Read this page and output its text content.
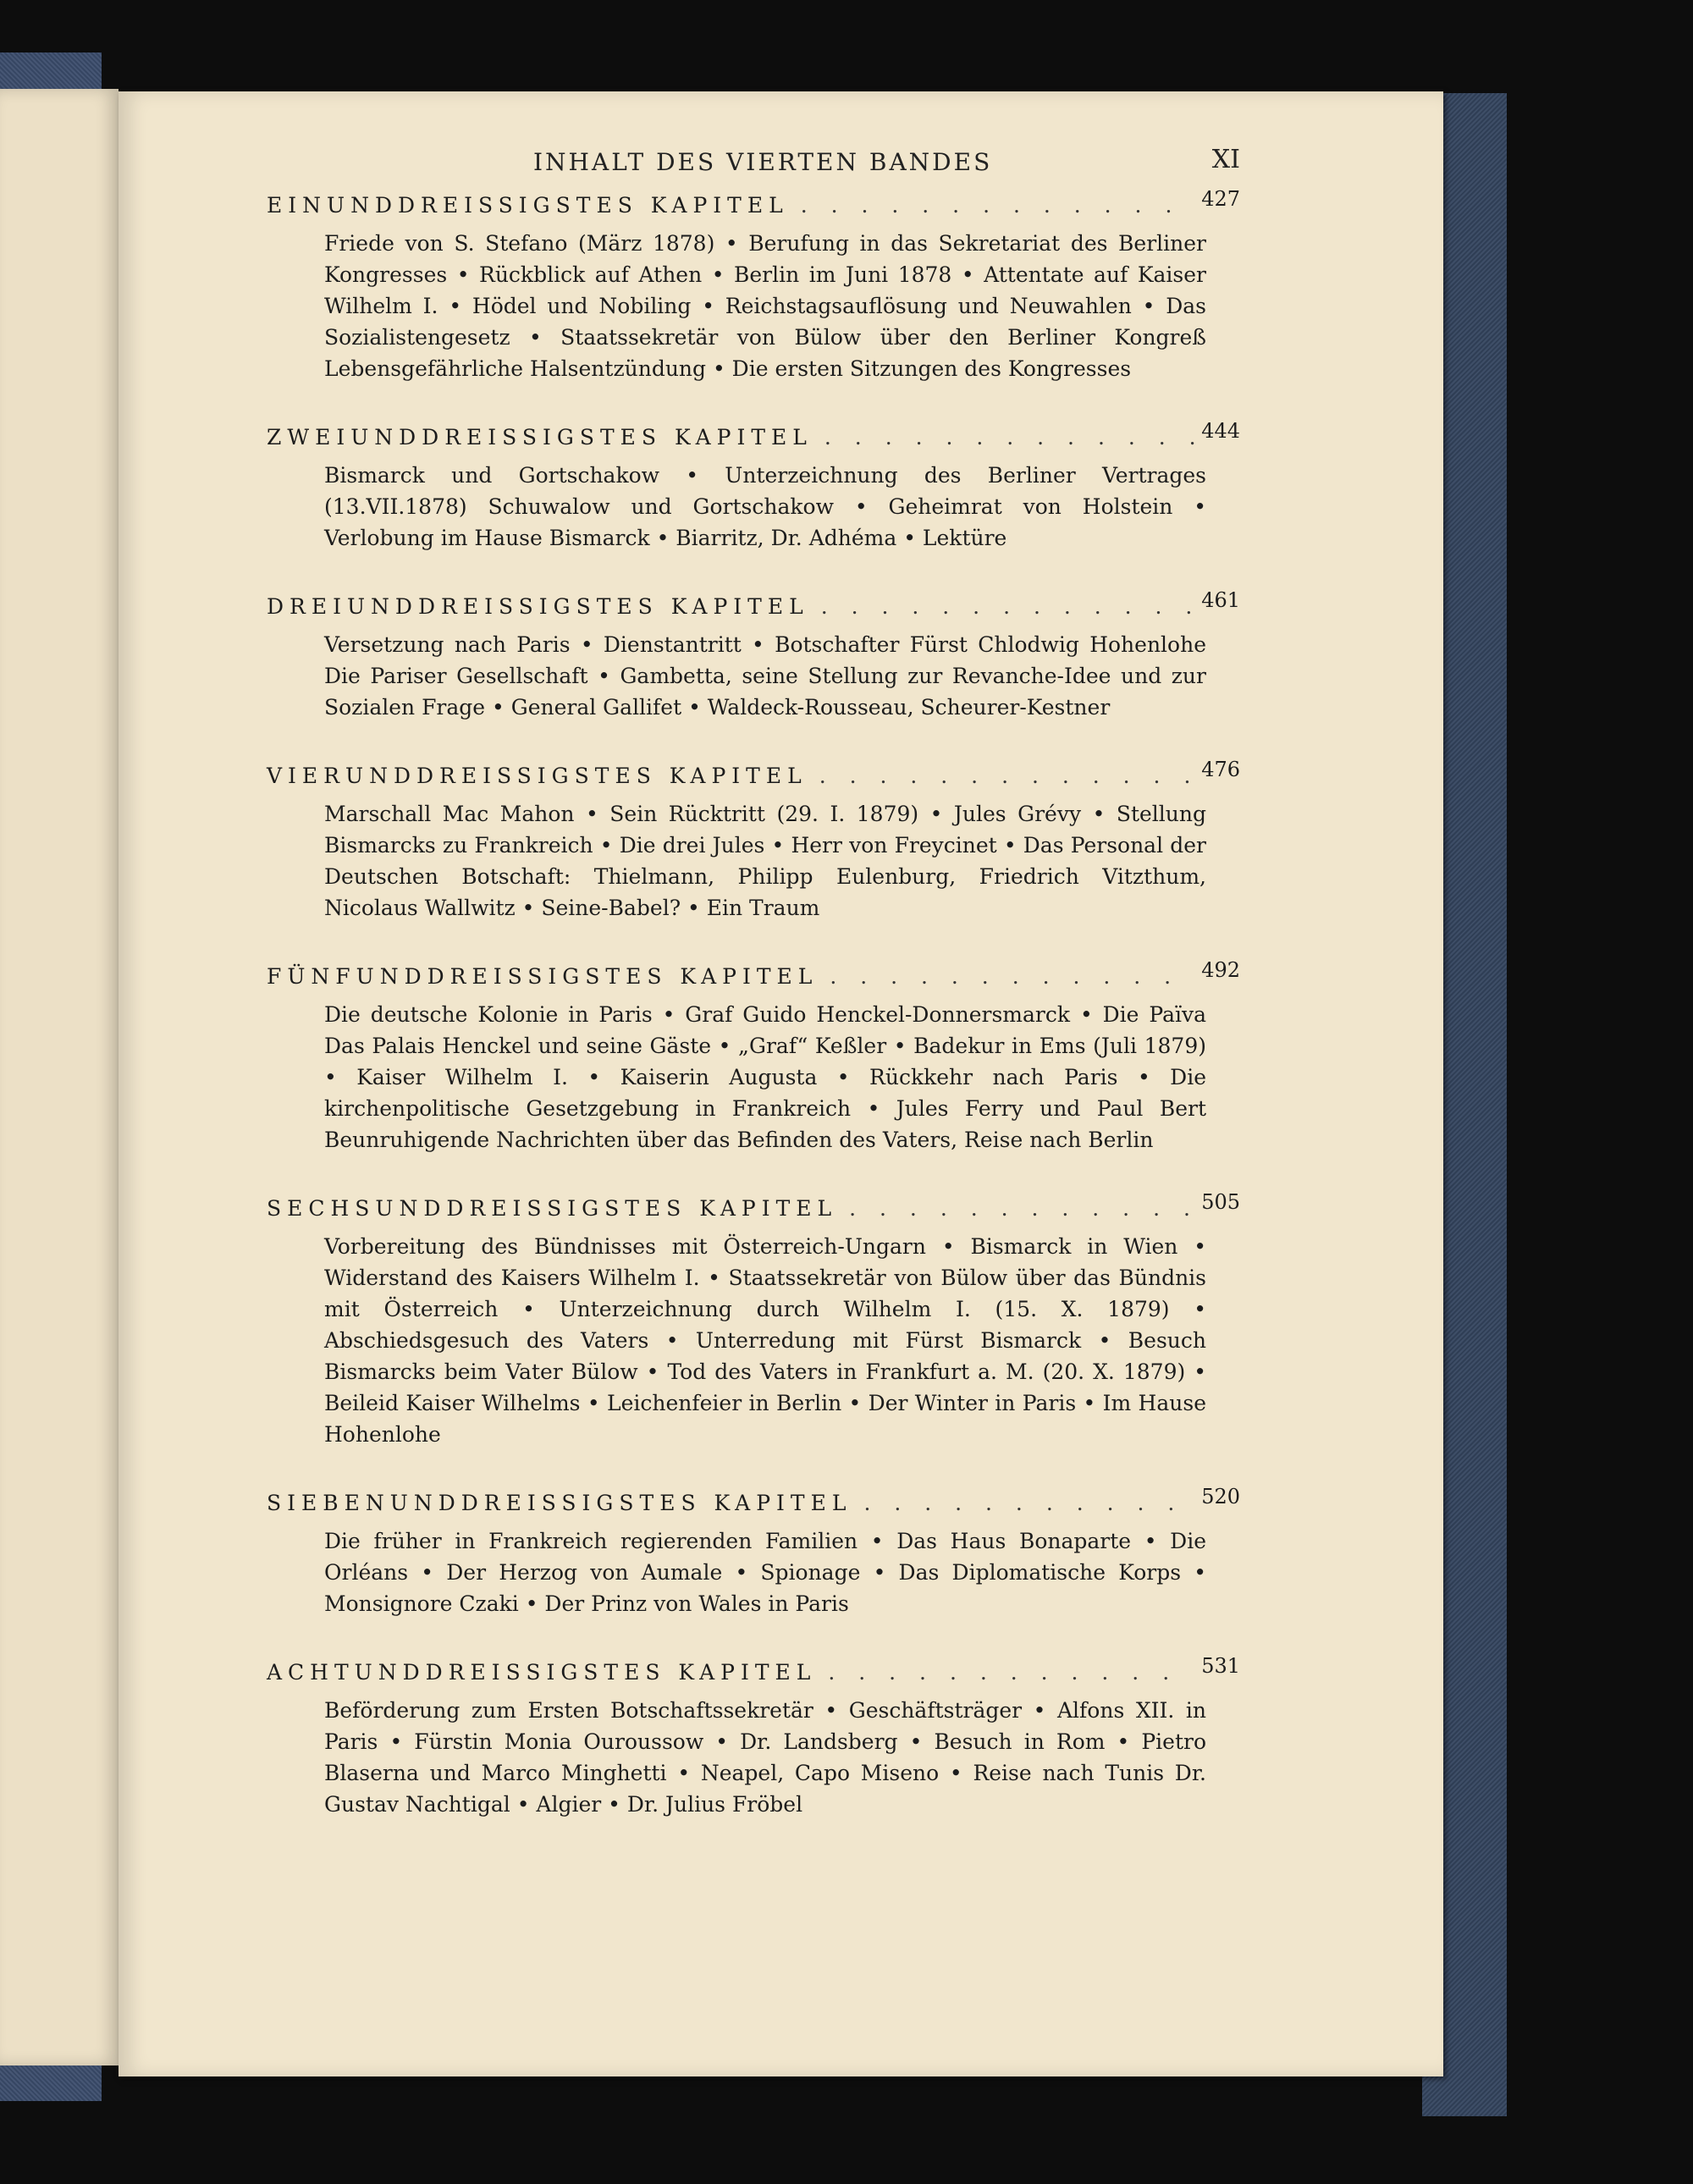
INHALT DES VIERTEN BANDES	XI
EINUNDDREISSIGSTES KAPITEL . . .	427
Friede von S. Stefano (März 1878) • Berufung in das Sekretariat des Berliner Kongresses • Rückblick auf Athen • Berlin im Juni 1878 • Attentate auf Kaiser Wilhelm I. • Hödel und Nobiling • Reichstagsauflösung und Neuwahlen • Das Sozialistengesetz • Staatssekretär von Bülow über den Berliner Kongreß Lebensgefährliche Halsentzündung • Die ersten Sitzungen des Kongresses
ZWEIUNDDREISSIGSTES KAPITEL . . .	444
Bismarck und Gortschakow • Unterzeichnung des Berliner Vertrages (13.VII.1878) Schuwalow und Gortschakow • Geheimrat von Holstein • Verlobung im Hause Bismarck • Biarritz, Dr. Adhéma • Lektüre
DREIUNDDREISSIGSTES KAPITEL . . .	461
Versetzung nach Paris • Dienstantritt • Botschafter Fürst Chlodwig Hohenlohe Die Pariser Gesellschaft • Gambetta, seine Stellung zur Revanche-Idee und zur Sozialen Frage • General Gallifet • Waldeck-Rousseau, Scheurer-Kestner
VIERUNDDREISSIGSTES KAPITEL . . .	476
Marschall Mac Mahon • Sein Rücktritt (29. I. 1879) • Jules Grévy • Stellung Bismarcks zu Frankreich • Die drei Jules • Herr von Freycinet • Das Personal der Deutschen Botschaft: Thielmann, Philipp Eulenburg, Friedrich Vitzthum, Nicolaus Wallwitz • Seine-Babel? • Ein Traum
FÜNFUNDDREISSIGSTES KAPITEL . . .	492
Die deutsche Kolonie in Paris • Graf Guido Henckel-Donnersmarck • Die Païva Das Palais Henckel und seine Gäste • „Graf“ Keßler • Badekur in Ems (Juli 1879) • Kaiser Wilhelm I. • Kaiserin Augusta • Rückkehr nach Paris • Die kirchenpolitische Gesetzgebung in Frankreich • Jules Ferry und Paul Bert Beunruhigende Nachrichten über das Befinden des Vaters, Reise nach Berlin
SECHSUNDDREISSIGSTES KAPITEL . . .	505
Vorbereitung des Bündnisses mit Österreich-Ungarn • Bismarck in Wien • Widerstand des Kaisers Wilhelm I. • Staatssekretär von Bülow über das Bündnis mit Österreich • Unterzeichnung durch Wilhelm I. (15. X. 1879) • Abschiedsgesuch des Vaters • Unterredung mit Fürst Bismarck • Besuch Bismarcks beim Vater Bülow • Tod des Vaters in Frankfurt a. M. (20. X. 1879) • Beileid Kaiser Wilhelms • Leichenfeier in Berlin • Der Winter in Paris • Im Hause Hohenlohe
SIEBENUNDDREISSIGSTES KAPITEL . . .	520
Die früher in Frankreich regierenden Familien • Das Haus Bonaparte • Die Orléans • Der Herzog von Aumale • Spionage • Das Diplomatische Korps • Monsignore Czaki • Der Prinz von Wales in Paris
ACHTUNDDREISSIGSTES KAPITEL . . .	531
Beförderung zum Ersten Botschaftssekretär • Geschäftsträger • Alfons XII. in Paris • Fürstin Monia Ouroussow • Dr. Landsberg • Besuch in Rom • Pietro Blaserna und Marco Minghetti • Neapel, Capo Miseno • Reise nach Tunis Dr. Gustav Nachtigal • Algier • Dr. Julius Fröbel
